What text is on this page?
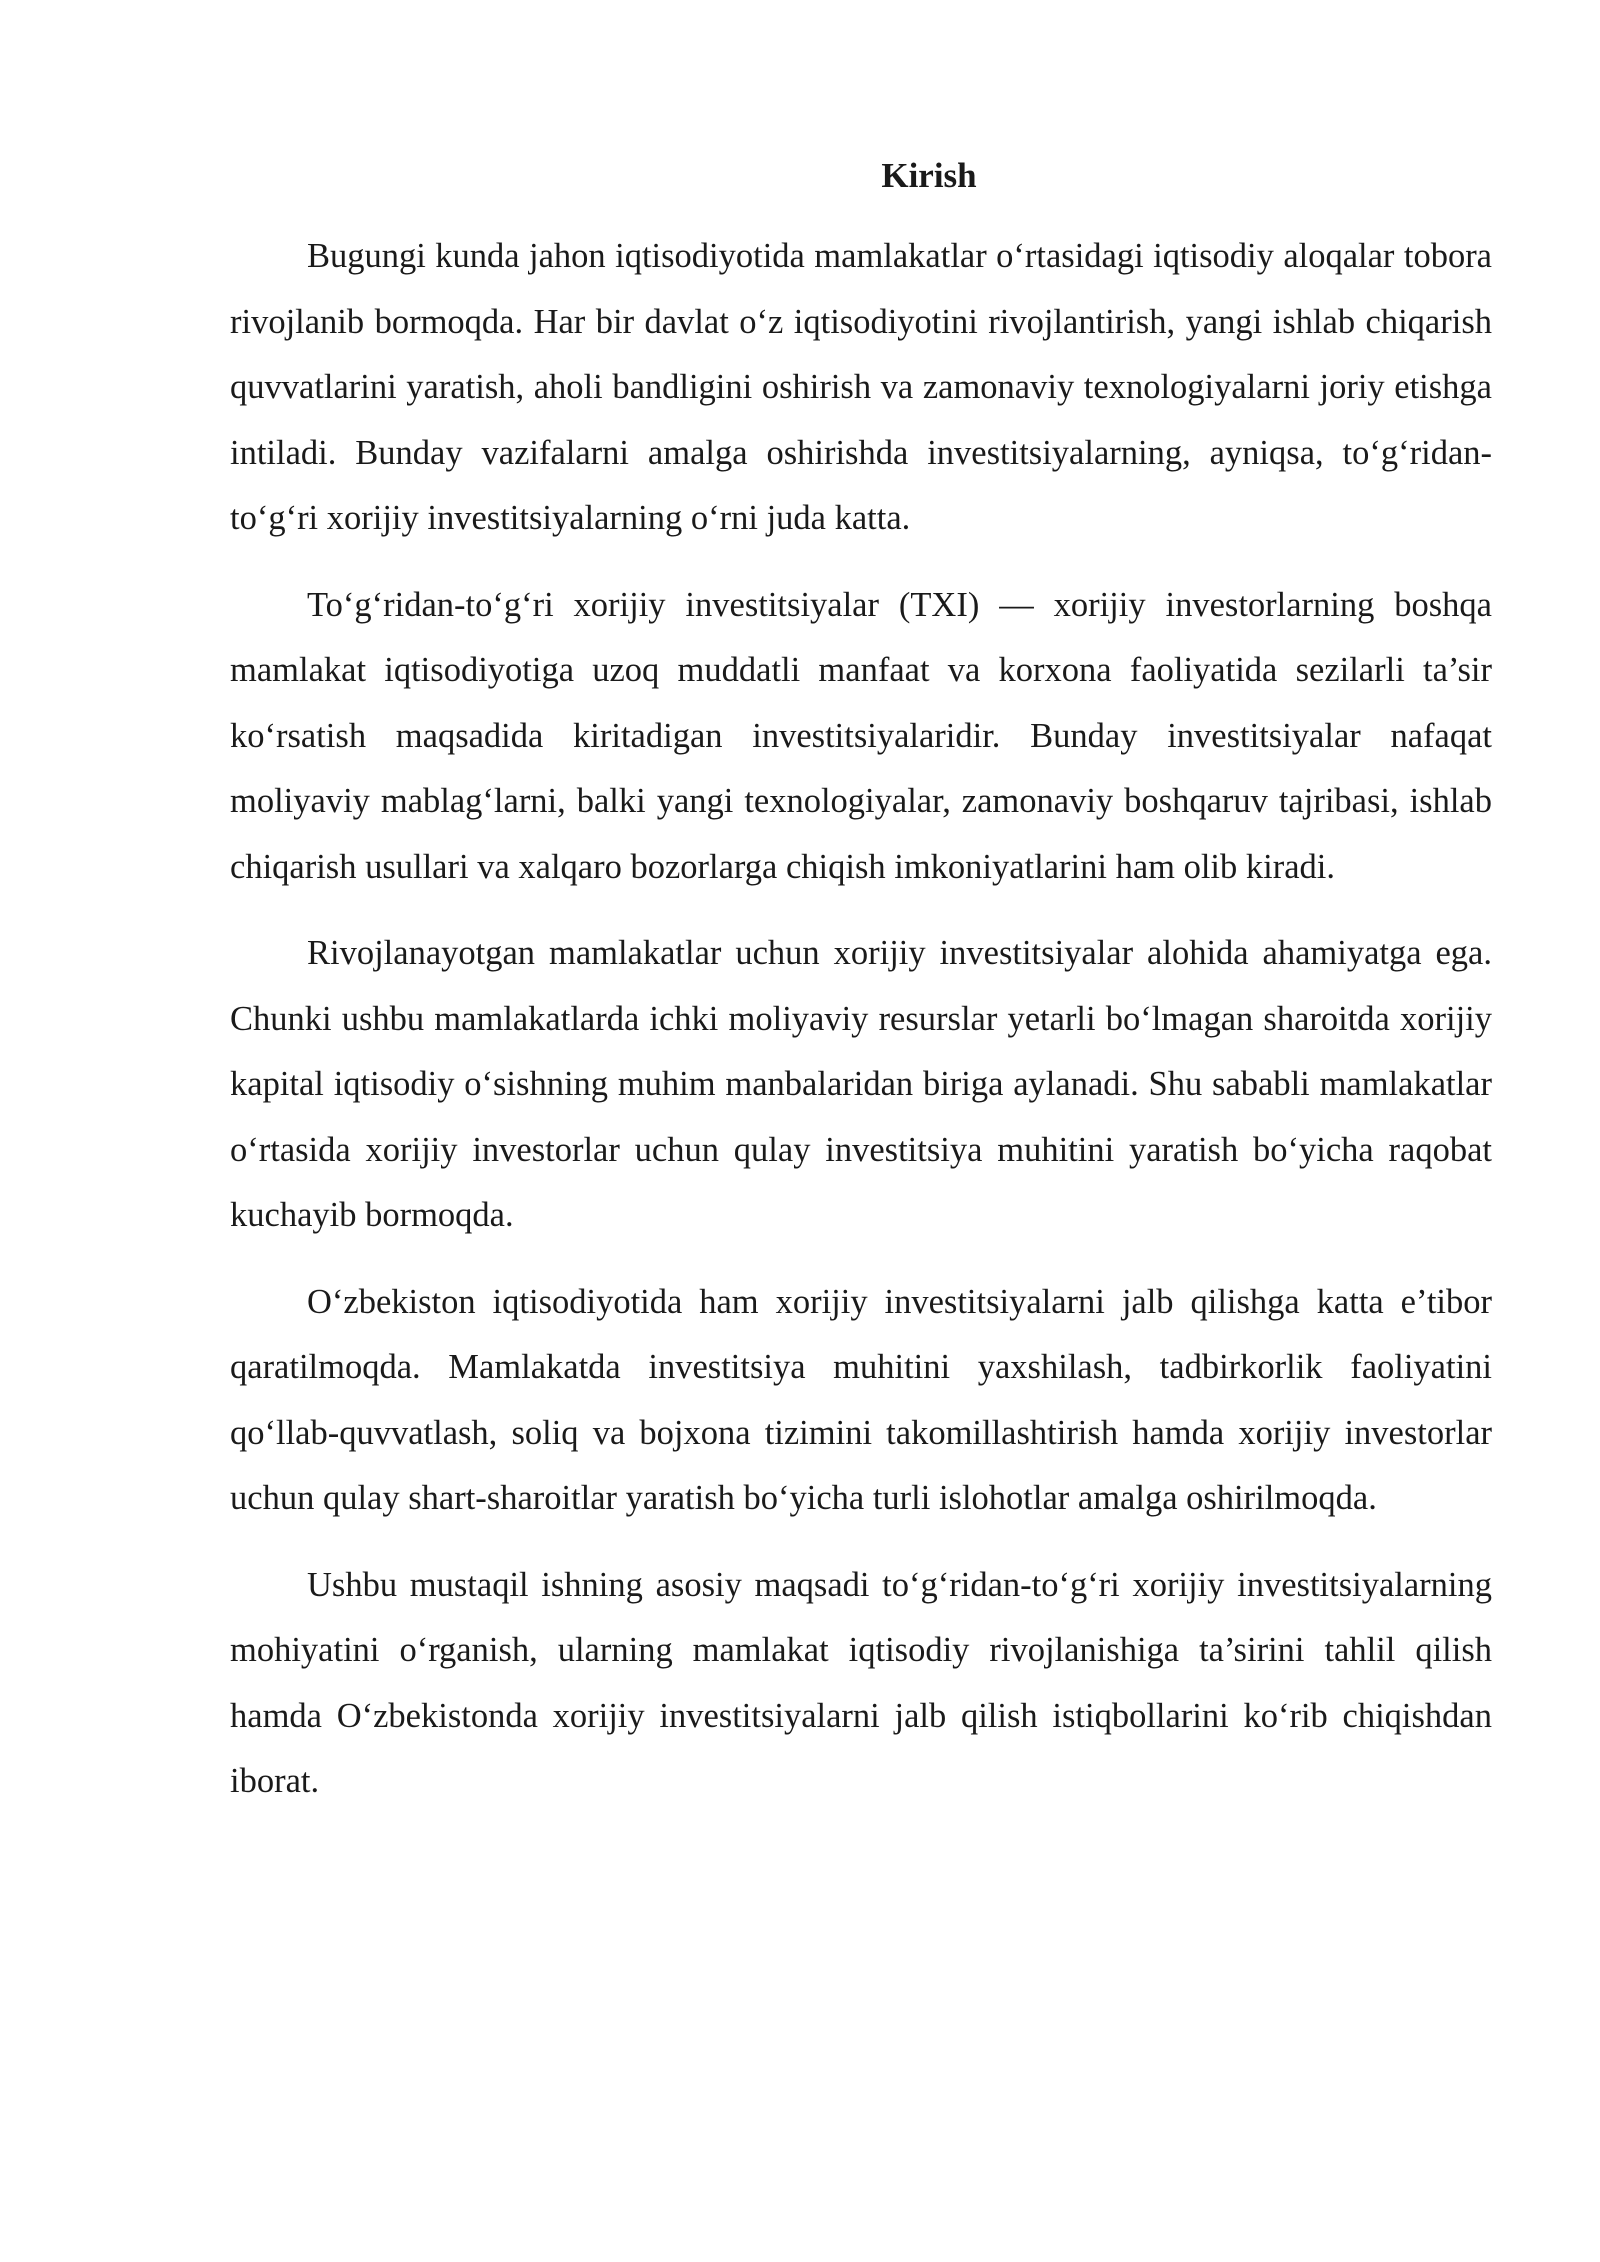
Kirish

Bugungi kunda jahon iqtisodiyotida mamlakatlar o‘rtasidagi iqtisodiy aloqalar tobora rivojlanib bormoqda. Har bir davlat o‘z iqtisodiyotini rivojlantirish, yangi ishlab chiqarish quvvatlarini yaratish, aholi bandligini oshirish va zamonaviy texnologiyalarni joriy etishga intiladi. Bunday vazifalarni amalga oshirishda investitsiyalarning, ayniqsa, to‘g‘ridan-to‘g‘ri xorijiy investitsiyalarning o‘rni juda katta.

To‘g‘ridan-to‘g‘ri xorijiy investitsiyalar (TXI) — xorijiy investorlarning boshqa mamlakat iqtisodiyotiga uzoq muddatli manfaat va korxona faoliyatida sezilarli ta’sir ko‘rsatish maqsadida kiritadigan investitsiyalaridir. Bunday investitsiyalar nafaqat moliyaviy mablag‘larni, balki yangi texnologiyalar, zamonaviy boshqaruv tajribasi, ishlab chiqarish usullari va xalqaro bozorlarga chiqish imkoniyatlarini ham olib kiradi.

Rivojlanayotgan mamlakatlar uchun xorijiy investitsiyalar alohida ahamiyatga ega. Chunki ushbu mamlakatlarda ichki moliyaviy resurslar yetarli bo‘lmagan sharoitda xorijiy kapital iqtisodiy o‘sishning muhim manbalaridan biriga aylanadi. Shu sababli mamlakatlar o‘rtasida xorijiy investorlar uchun qulay investitsiya muhitini yaratish bo‘yicha raqobat kuchayib bormoqda.

O‘zbekiston iqtisodiyotida ham xorijiy investitsiyalarni jalb qilishga katta e’tibor qaratilmoqda. Mamlakatda investitsiya muhitini yaxshilash, tadbirkorlik faoliyatini qo‘llab-quvvatlash, soliq va bojxona tizimini takomillashtirish hamda xorijiy investorlar uchun qulay shart-sharoitlar yaratish bo‘yicha turli islohotlar amalga oshirilmoqda.

Ushbu mustaqil ishning asosiy maqsadi to‘g‘ridan-to‘g‘ri xorijiy investitsiyalarning mohiyatini o‘rganish, ularning mamlakat iqtisodiy rivojlanishiga ta’sirini tahlil qilish hamda O‘zbekistonda xorijiy investitsiyalarni jalb qilish istiqbollarini ko‘rib chiqishdan iborat.
